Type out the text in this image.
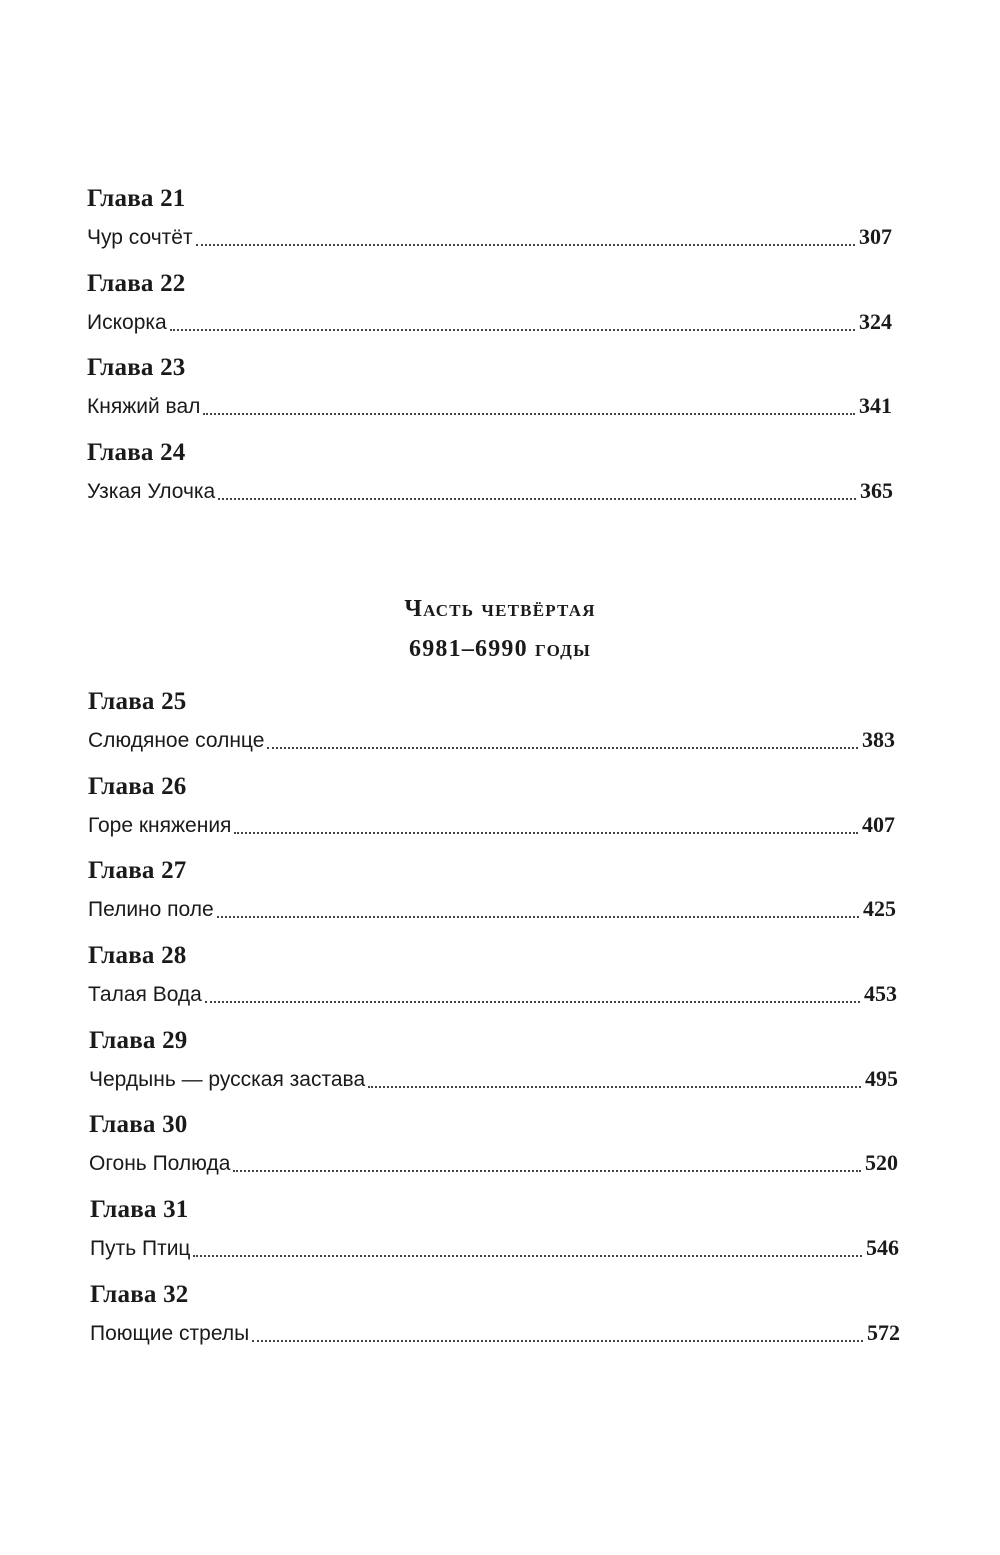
Глава 21
Чур сочтёт	307
Глава 22
Искорка	324
Глава 23
Княжий вал	341
Глава 24
Узкая Улочка	365
Часть четвёртая
6981–6990 годы
Глава 25
Слюдяное солнце	383
Глава 26
Горе княжения	407
Глава 27
Пелино поле	425
Глава 28
Талая Вода	453
Глава 29
Чердынь — русская застава	495
Глава 30
Огонь Полюда	520
Глава 31
Путь Птиц	546
Глава 32
Поющие стрелы	572
